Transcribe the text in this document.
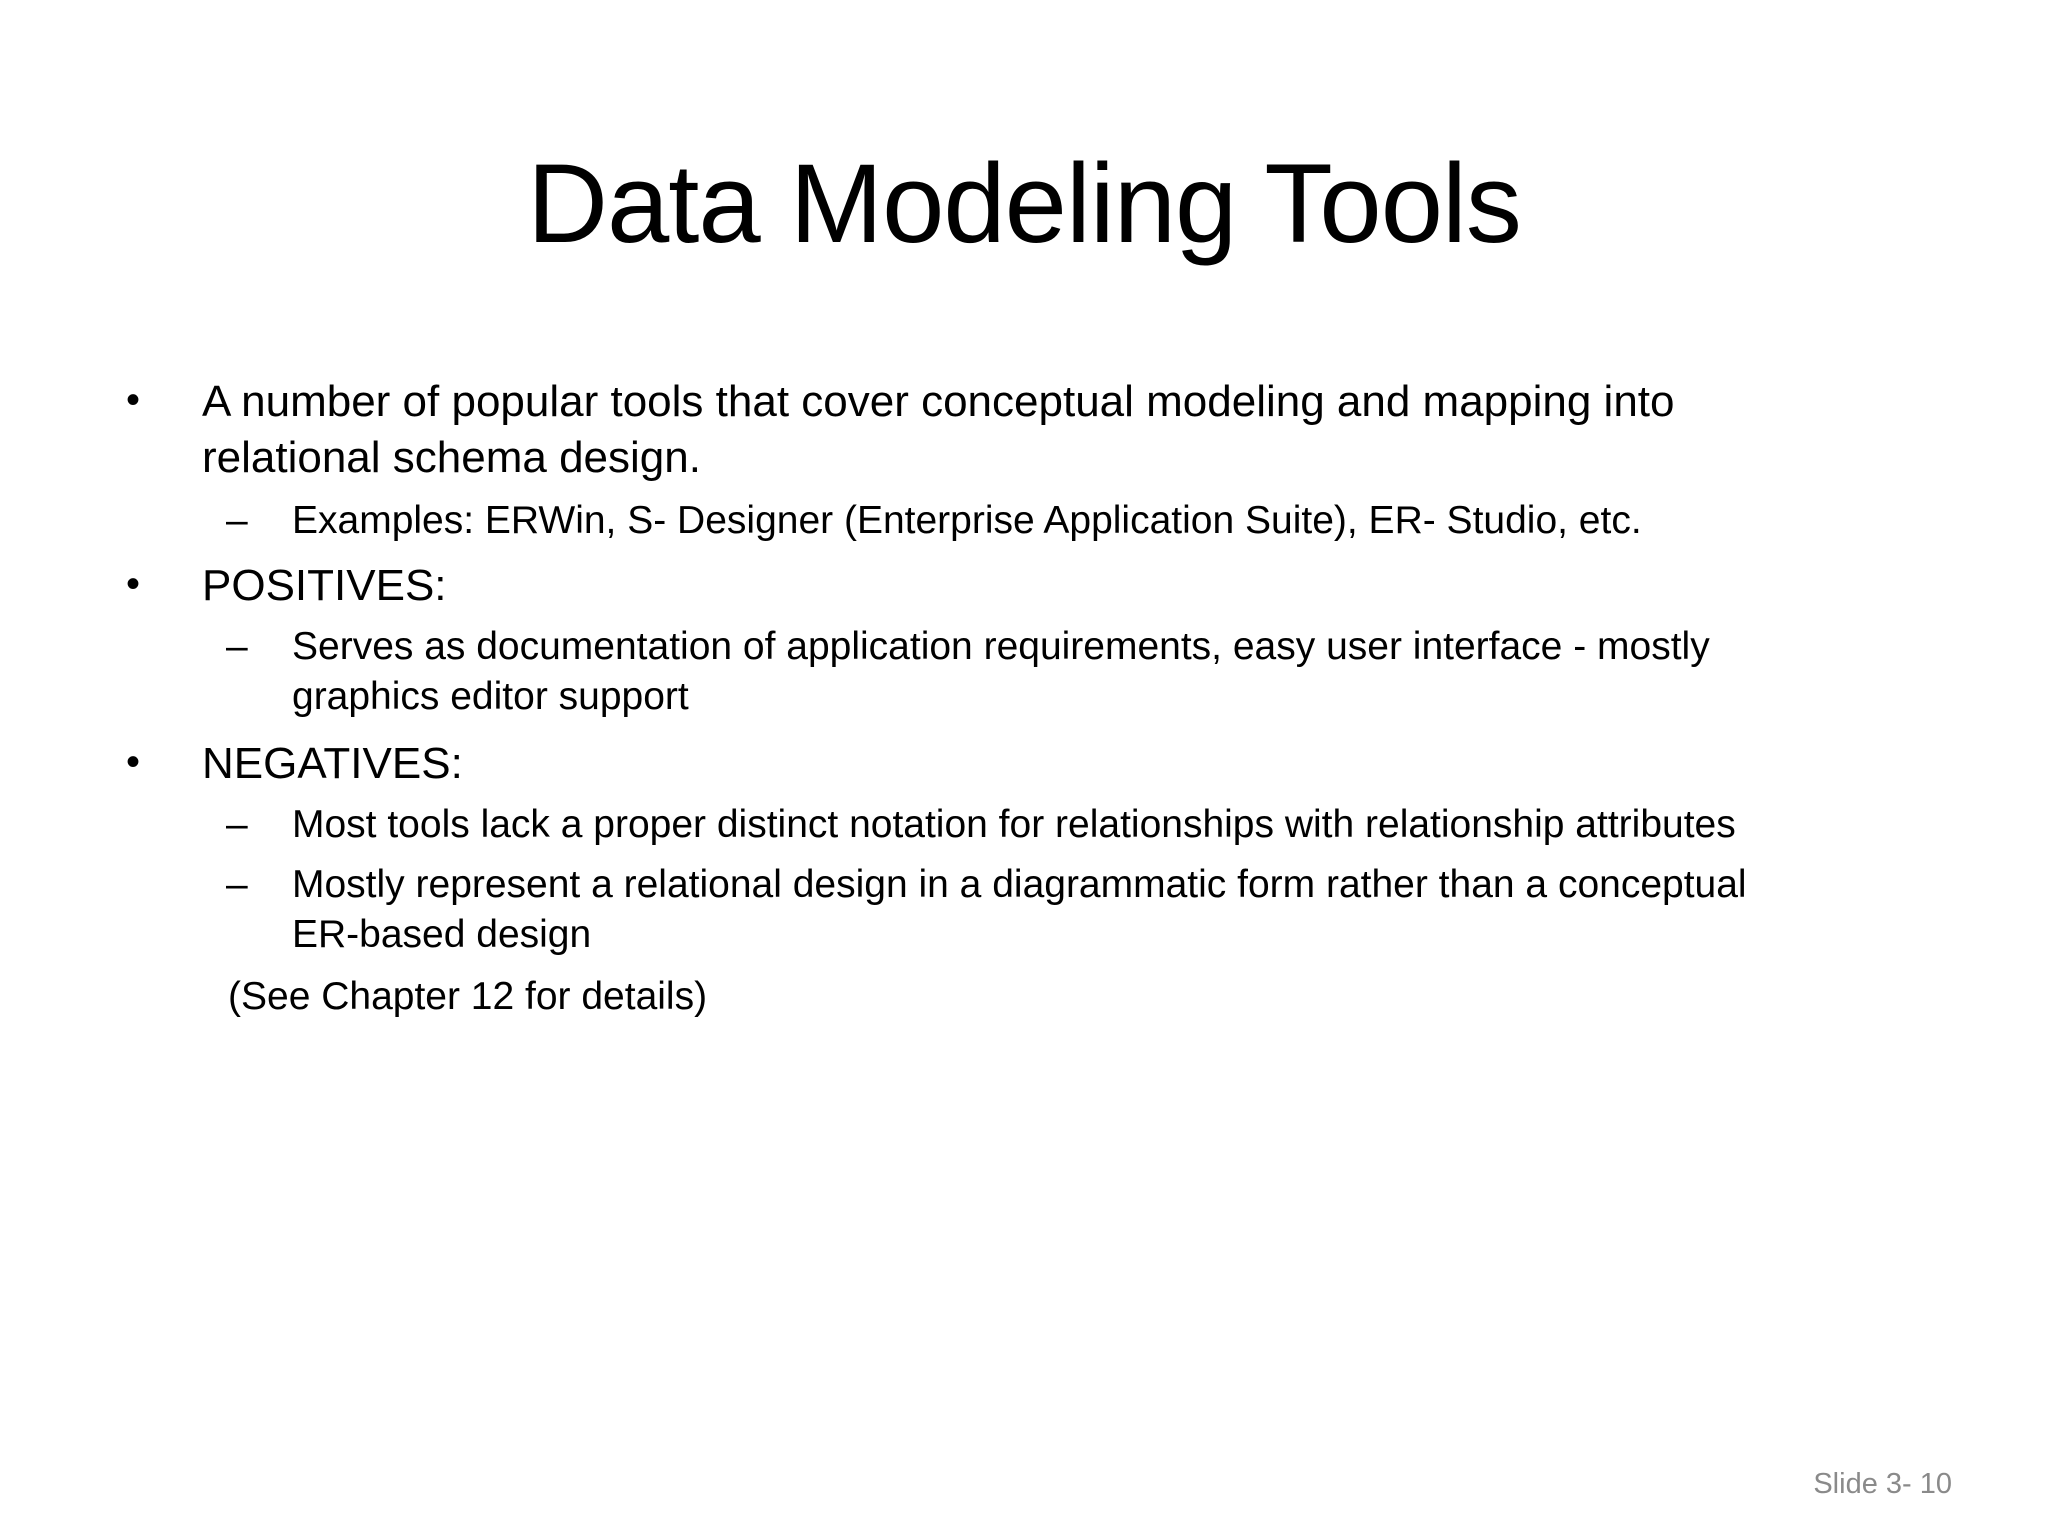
Data Modeling Tools
•	A number of popular tools that cover conceptual modeling and mapping into
relational schema design.
–	Examples: ERWin, S- Designer (Enterprise Application Suite), ER- Studio, etc.
•	POSITIVES:
–	Serves as documentation of application requirements, easy user interface - mostly
graphics editor support
•	NEGATIVES:
–	Most tools lack a proper distinct notation for relationships with relationship attributes
–	Mostly represent a relational design in a diagrammatic form rather than a conceptual
ER-based design
(See Chapter 12 for details)
Slide 3- 10
